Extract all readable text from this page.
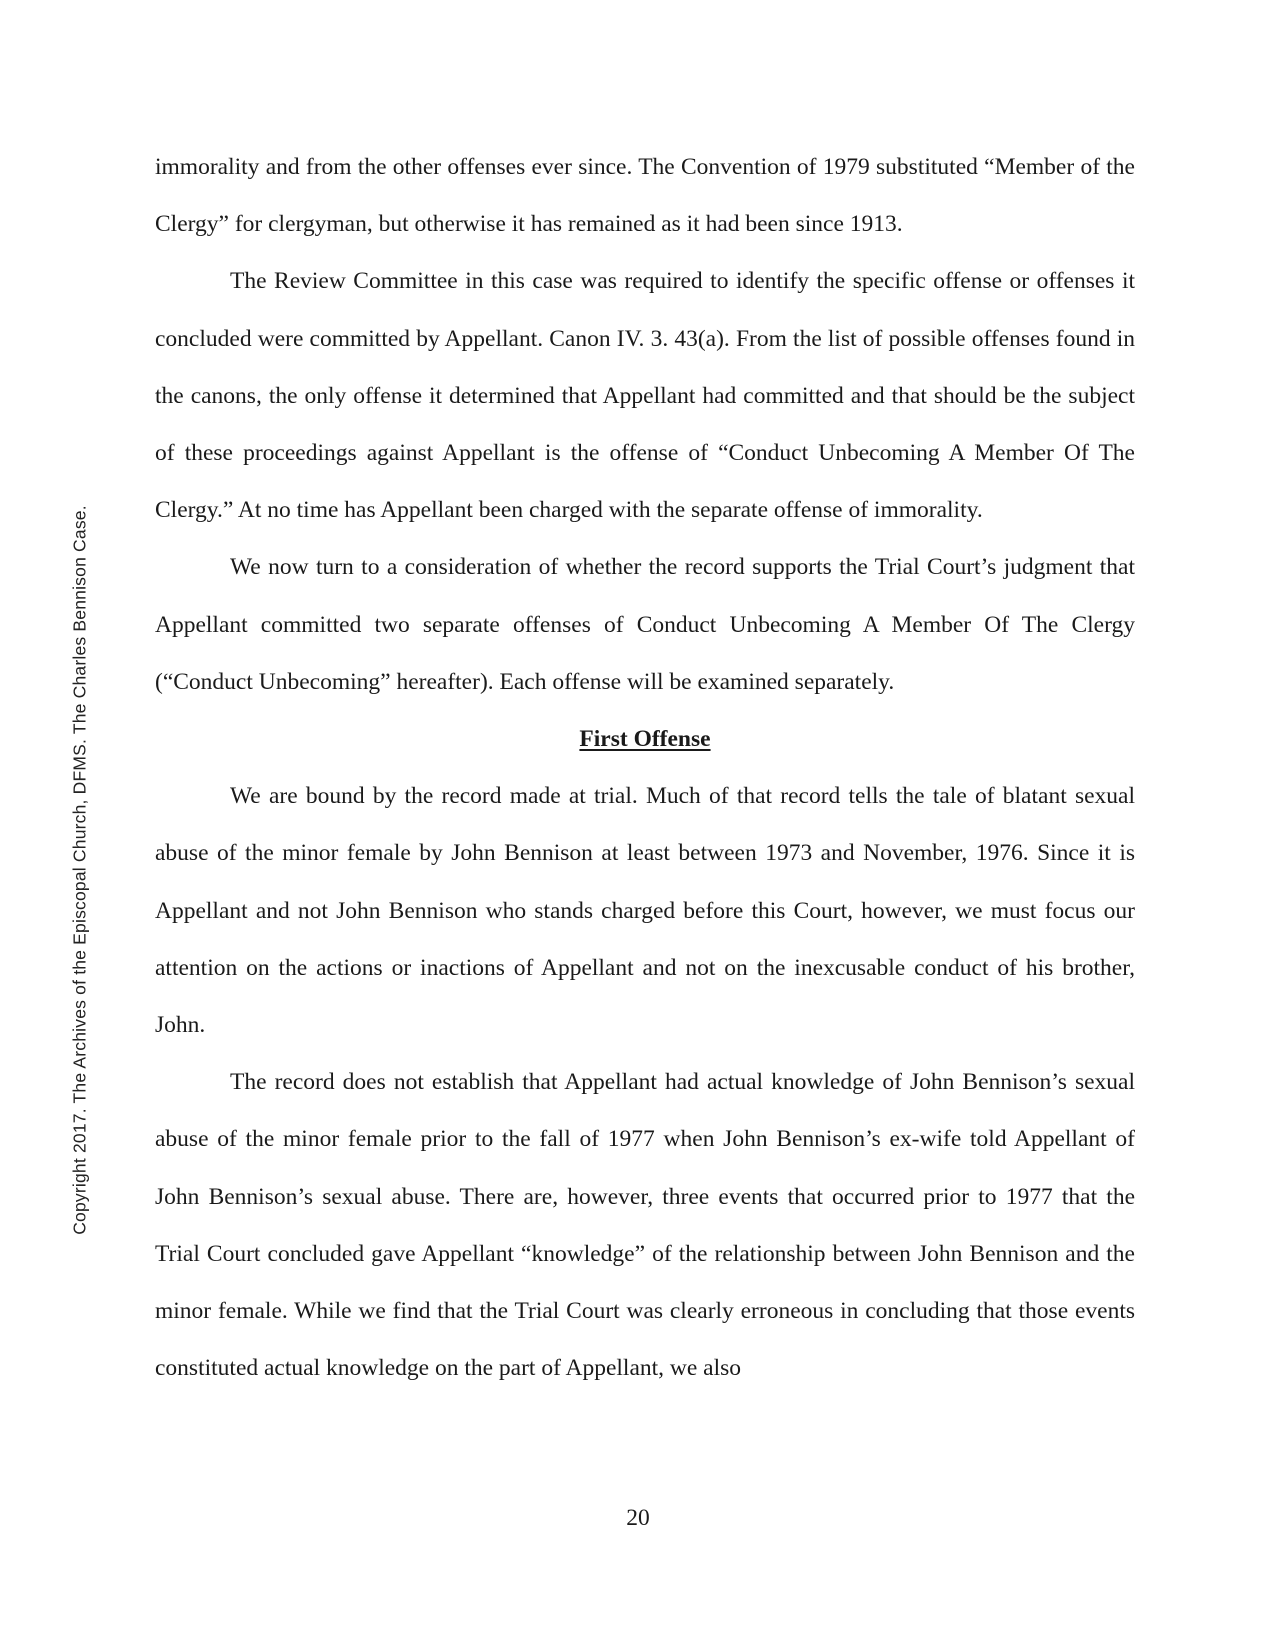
Copyright 2017. The Archives of the Episcopal Church, DFMS. The Charles Bennison Case.

immorality and from the other offenses ever since. The Convention of 1979 substituted “Member of the Clergy” for clergyman, but otherwise it has remained as it had been since 1913.

The Review Committee in this case was required to identify the specific offense or offenses it concluded were committed by Appellant. Canon IV. 3. 43(a). From the list of possible offenses found in the canons, the only offense it determined that Appellant had committed and that should be the subject of these proceedings against Appellant is the offense of “Conduct Unbecoming A Member Of The Clergy.” At no time has Appellant been charged with the separate offense of immorality.

We now turn to a consideration of whether the record supports the Trial Court’s judgment that Appellant committed two separate offenses of Conduct Unbecoming A Member Of The Clergy (“Conduct Unbecoming” hereafter). Each offense will be examined separately.

First Offense

We are bound by the record made at trial. Much of that record tells the tale of blatant sexual abuse of the minor female by John Bennison at least between 1973 and November, 1976. Since it is Appellant and not John Bennison who stands charged before this Court, however, we must focus our attention on the actions or inactions of Appellant and not on the inexcusable conduct of his brother, John.

The record does not establish that Appellant had actual knowledge of John Bennison’s sexual abuse of the minor female prior to the fall of 1977 when John Bennison’s ex-wife told Appellant of John Bennison’s sexual abuse. There are, however, three events that occurred prior to 1977 that the Trial Court concluded gave Appellant “knowledge” of the relationship between John Bennison and the minor female. While we find that the Trial Court was clearly erroneous in concluding that those events constituted actual knowledge on the part of Appellant, we also

20
